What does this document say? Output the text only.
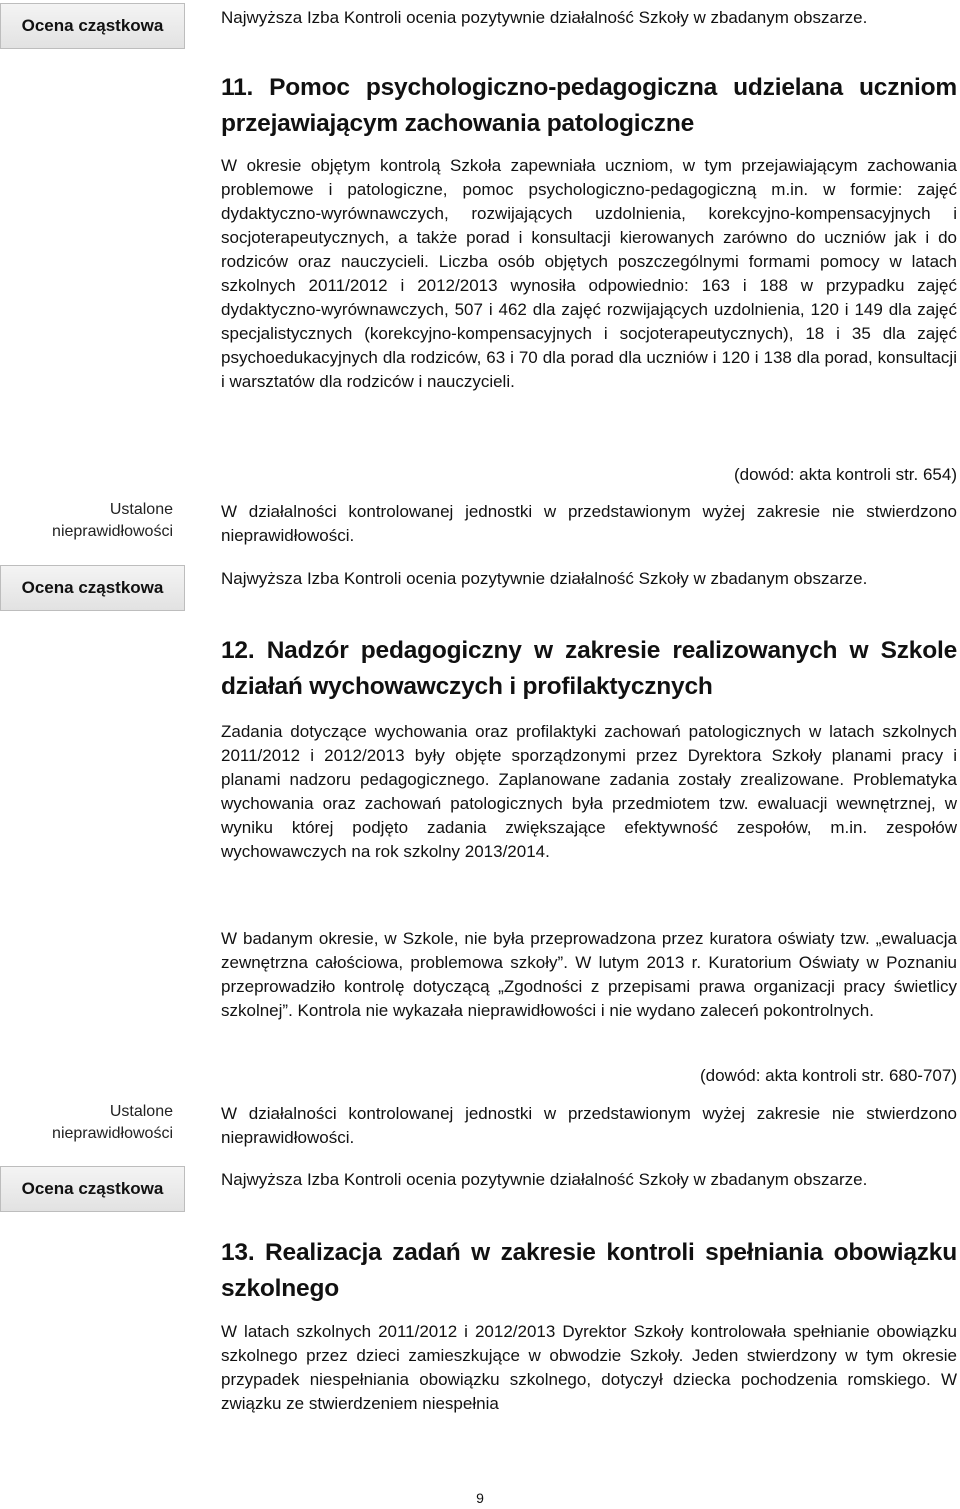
Ocena cząstkowa
Ustalone nieprawidłowości
Ocena cząstkowa
Ustalone nieprawidłowości
Ocena cząstkowa

Najwyższa Izba Kontroli ocenia pozytywnie działalność Szkoły w zbadanym obszarze.

11. Pomoc psychologiczno-pedagogiczna udzielana uczniom przejawiającym zachowania patologiczne

W okresie objętym kontrolą Szkoła zapewniała uczniom, w tym przejawiającym zachowania problemowe i patologiczne, pomoc psychologiczno-pedagogiczną m.in. w formie: zajęć dydaktyczno-wyrównawczych, rozwijających uzdolnienia, korekcyjno-kompensacyjnych i socjoterapeutycznych, a także porad i konsultacji kierowanych zarówno do uczniów jak i do rodziców oraz nauczycieli. Liczba osób objętych poszczególnymi formami pomocy w latach szkolnych 2011/2012 i 2012/2013 wynosiła odpowiednio: 163 i 188 w przypadku zajęć dydaktyczno-wyrównawczych, 507 i 462 dla zajęć rozwijających uzdolnienia, 120 i 149 dla zajęć specjalistycznych (korekcyjno-kompensacyjnych i socjoterapeutycznych), 18 i 35 dla zajęć psychoedukacyjnych dla rodziców, 63 i 70 dla porad dla uczniów i 120 i 138 dla porad, konsultacji i warsztatów dla rodziców i nauczycieli.

(dowód: akta kontroli str. 654)

W działalności kontrolowanej jednostki w przedstawionym wyżej zakresie nie stwierdzono nieprawidłowości.

Najwyższa Izba Kontroli ocenia pozytywnie działalność Szkoły w zbadanym obszarze.

12. Nadzór pedagogiczny w zakresie realizowanych w Szkole działań wychowawczych i profilaktycznych

Zadania dotyczące wychowania oraz profilaktyki zachowań patologicznych w latach szkolnych 2011/2012 i 2012/2013 były objęte sporządzonymi przez Dyrektora Szkoły planami pracy i planami nadzoru pedagogicznego. Zaplanowane zadania zostały zrealizowane. Problematyka wychowania oraz zachowań patologicznych była przedmiotem tzw. ewaluacji wewnętrznej, w wyniku której podjęto zadania zwiększające efektywność zespołów, m.in. zespołów wychowawczych na rok szkolny 2013/2014.

W badanym okresie, w Szkole, nie była przeprowadzona przez kuratora oświaty tzw. „ewaluacja zewnętrzna całościowa, problemowa szkoły”. W lutym 2013 r. Kuratorium Oświaty w Poznaniu przeprowadziło kontrolę dotyczącą „Zgodności z przepisami prawa organizacji pracy świetlicy szkolnej”. Kontrola nie wykazała nieprawidłowości i nie wydano zaleceń pokontrolnych.

(dowód: akta kontroli str. 680-707)

W działalności kontrolowanej jednostki w przedstawionym wyżej zakresie nie stwierdzono nieprawidłowości.

Najwyższa Izba Kontroli ocenia pozytywnie działalność Szkoły w zbadanym obszarze.

13. Realizacja zadań w zakresie kontroli spełniania obowiązku szkolnego

W latach szkolnych 2011/2012 i 2012/2013 Dyrektor Szkoły kontrolowała spełnianie obowiązku szkolnego przez dzieci zamieszkujące w obwodzie Szkoły. Jeden stwierdzony w tym okresie przypadek niespełniania obowiązku szkolnego, dotyczył dziecka pochodzenia romskiego. W związku ze stwierdzeniem niespełnia

9
